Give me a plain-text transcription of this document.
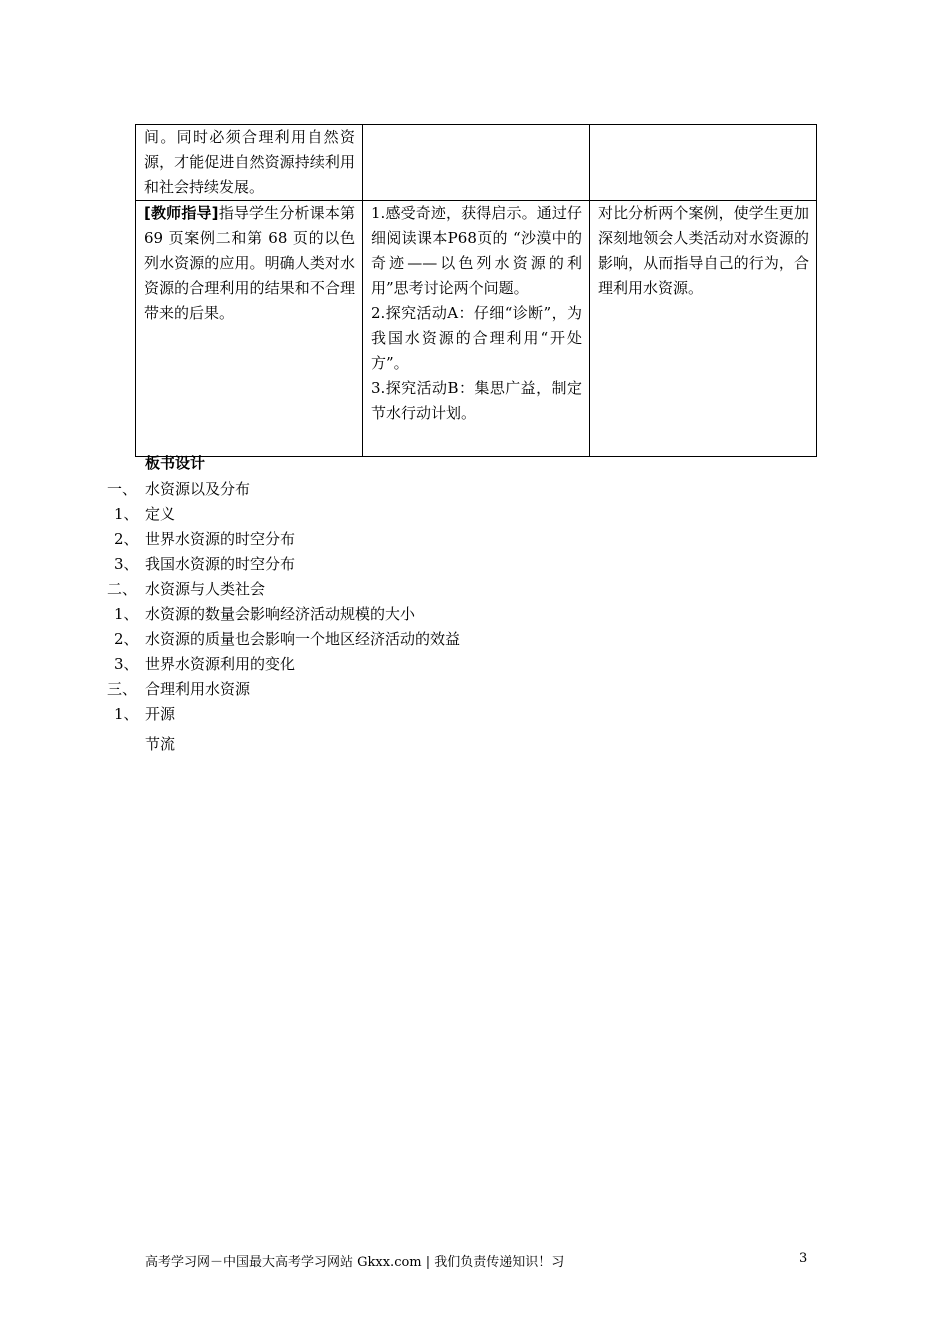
间。同时必须合理利用自然资源，才能促进自然资源持续利用和社会持续发展。		
[教师指导]指导学生分析课本第 69 页案例二和第 68 页的以色列水资源的应用。明确人类对水资源的合理利用的结果和不合理带来的后果。	1.感受奇迹，获得启示。通过仔细阅读课本P68页的 “沙漠中的奇迹——以色列水资源的利用”思考讨论两个问题。
2.探究活动A：仔细“诊断”，为我国水资源的合理利用“开处方”。
3.探究活动B：集思广益，制定节水行动计划。	对比分析两个案例，使学生更加深刻地领会人类活动对水资源的影响，从而指导自己的行为，合理利用水资源。
板书设计
一、 水资源以及分布
1、 定义
2、 世界水资源的时空分布
3、 我国水资源的时空分布
二、 水资源与人类社会
1、 水资源的数量会影响经济活动规模的大小
2、 水资源的质量也会影响一个地区经济活动的效益
3、 世界水资源利用的变化
三、 合理利用水资源
1、 开源
节流
高考学习网－中国最大高考学习网站 Gkxx.com | 我们负责传递知识！习	3
